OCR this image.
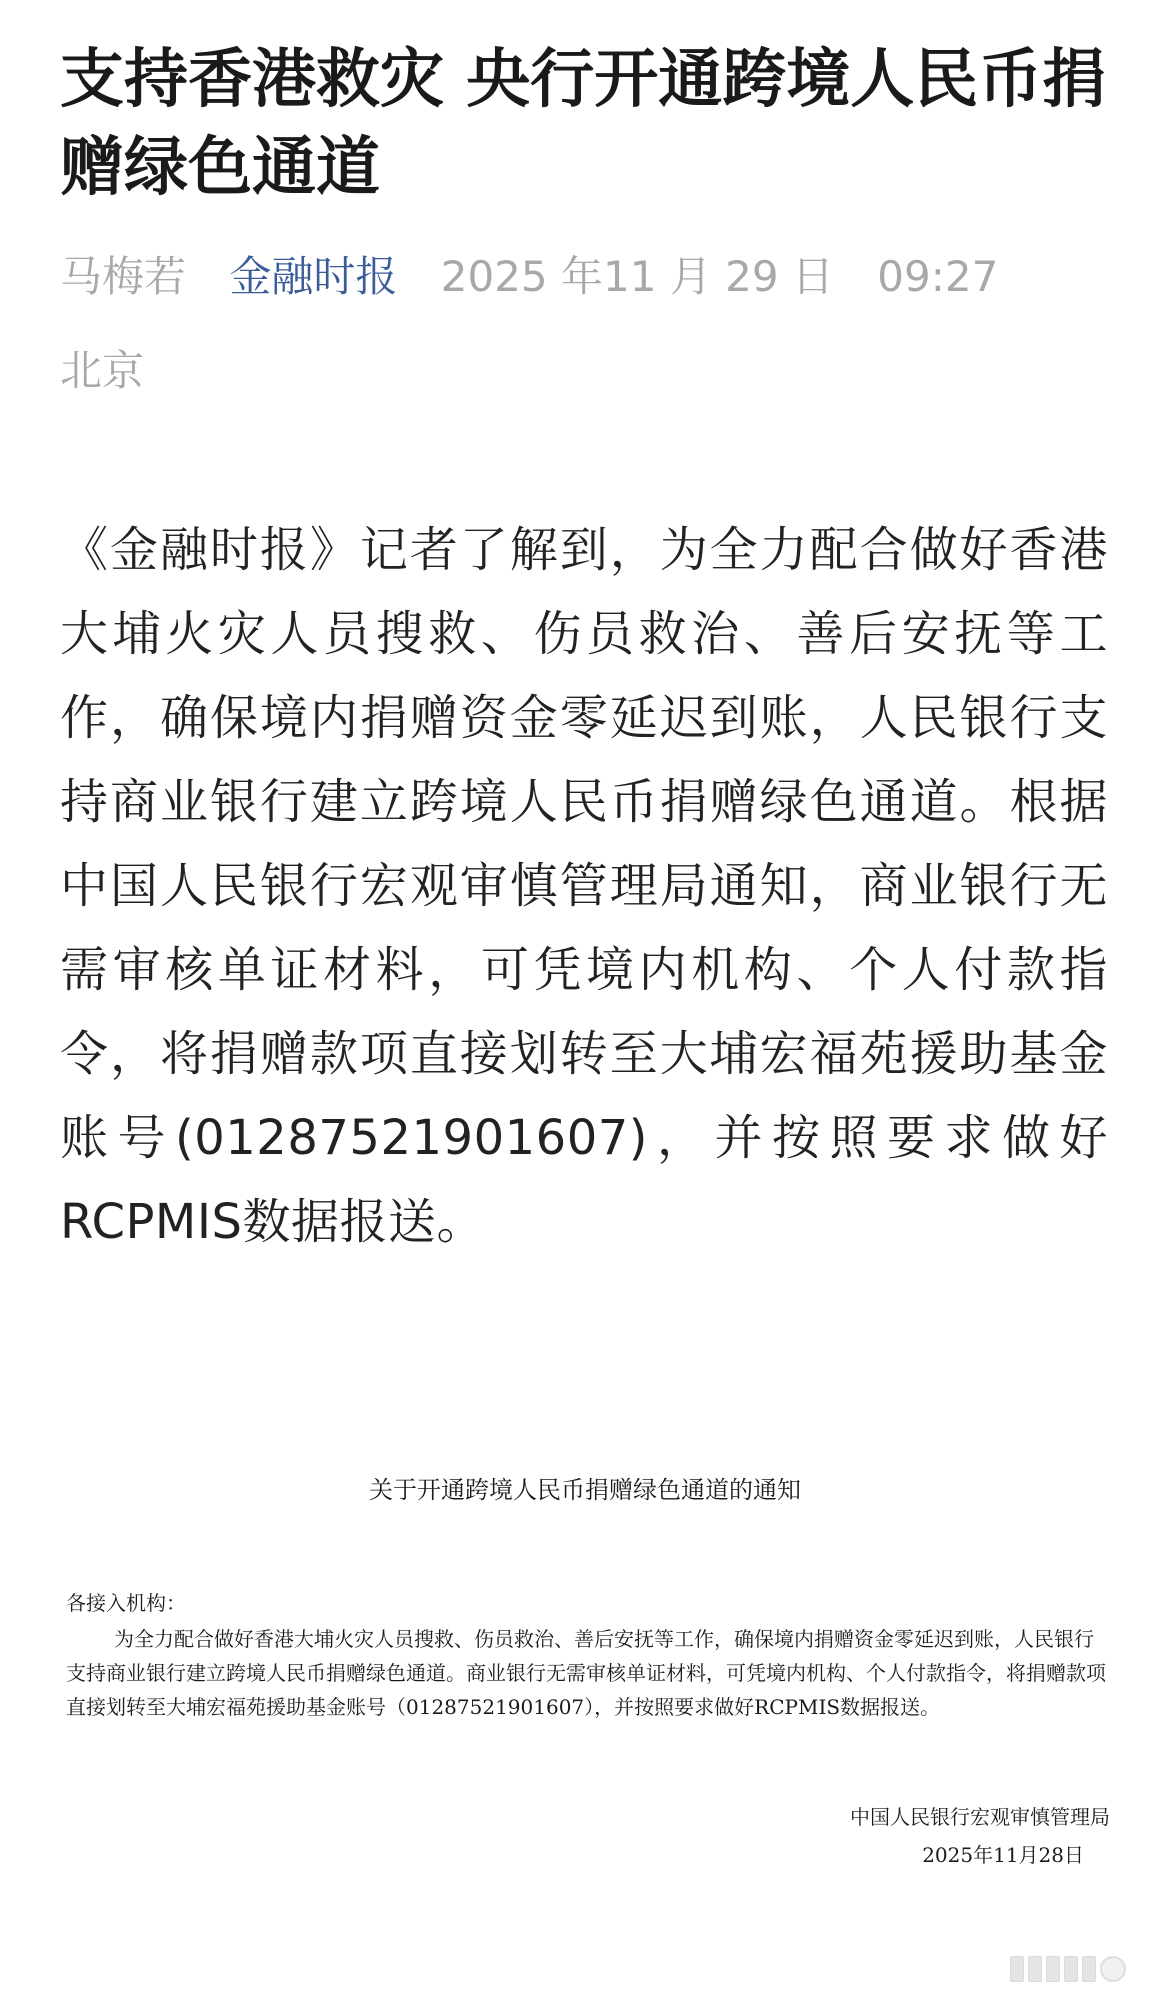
支持香港救灾 央行开通跨境人民币捐赠绿色通道
马梅若 金融时报 2025 年11 月 29 日 09:27
北京

《金融时报》记者了解到，为全力配合做好香港大埔火灾人员搜救、伤员救治、善后安抚等工作，确保境内捐赠资金零延迟到账，人民银行支持商业银行建立跨境人民币捐赠绿色通道。根据中国人民银行宏观审慎管理局通知，商业银行无需审核单证材料，可凭境内机构、个人付款指令，将捐赠款项直接划转至大埔宏福苑援助基金账号(01287521901607)，并按照要求做好RCPMIS数据报送。

关于开通跨境人民币捐赠绿色通道的通知
各接入机构：

为全力配合做好香港大埔火灾人员搜救、伤员救治、善后安抚等工作，确保境内捐赠资金零延迟到账，人民银行支持商业银行建立跨境人民币捐赠绿色通道。商业银行无需审核单证材料，可凭境内机构、个人付款指令，将捐赠款项直接划转至大埔宏福苑援助基金账号（01287521901607），并按照要求做好RCPMIS数据报送。

中国人民银行宏观审慎管理局
2025年11月28日
